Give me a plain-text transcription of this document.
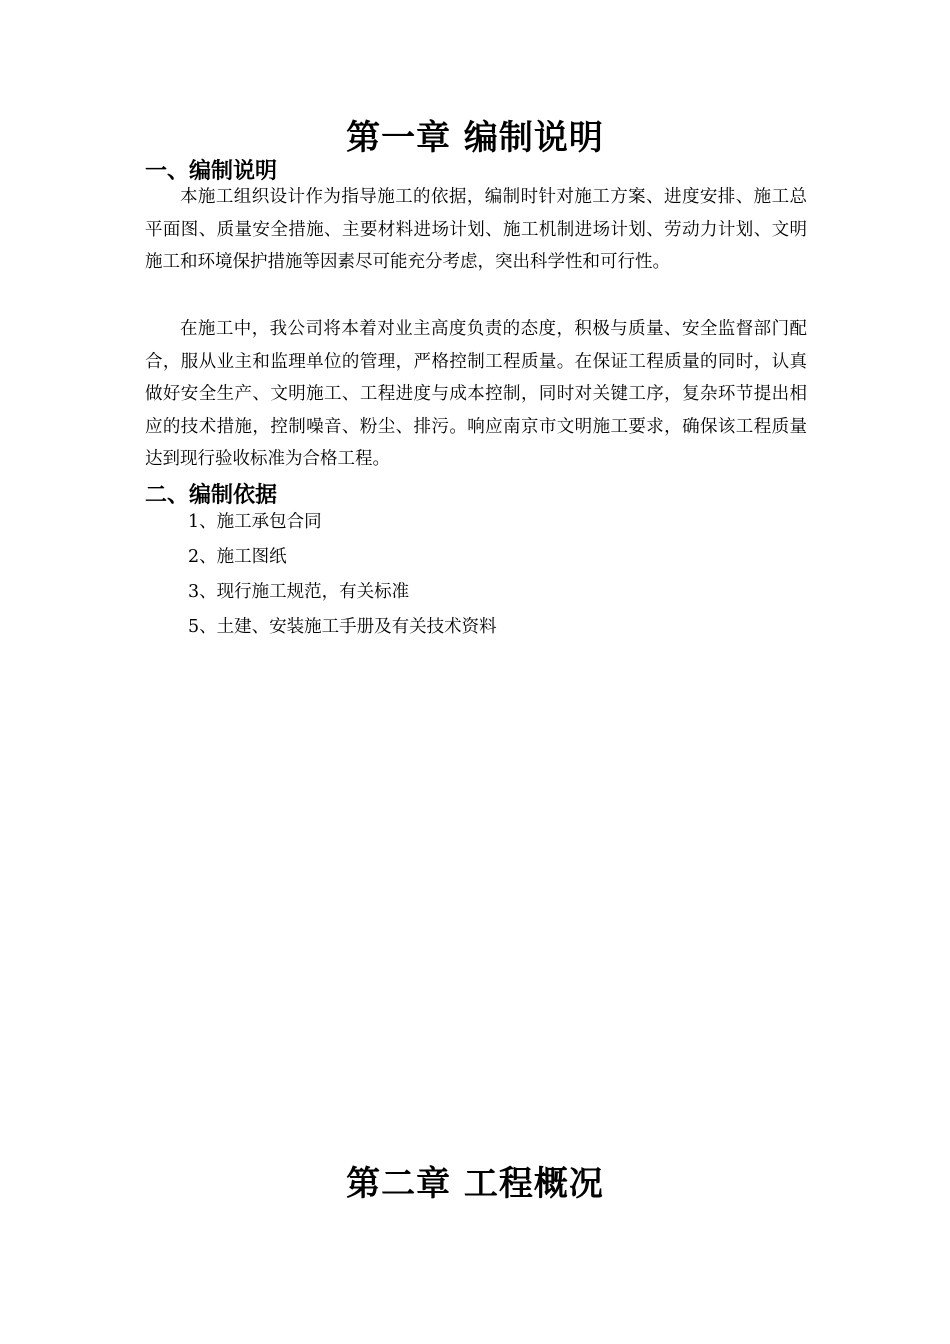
第一章 编制说明
一、编制说明

本施工组织设计作为指导施工的依据，编制时针对施工方案、进度安排、施工总平面图、质量安全措施、主要材料进场计划、施工机制进场计划、劳动力计划、文明施工和环境保护措施等因素尽可能充分考虑，突出科学性和可行性。

在施工中，我公司将本着对业主高度负责的态度，积极与质量、安全监督部门配合，服从业主和监理单位的管理，严格控制工程质量。在保证工程质量的同时，认真做好安全生产、文明施工、工程进度与成本控制，同时对关键工序，复杂环节提出相应的技术措施，控制噪音、粉尘、排污。响应南京市文明施工要求，确保该工程质量达到现行验收标准为合格工程。

二、编制依据
1、施工承包合同
2、施工图纸
3、现行施工规范，有关标准
5、土建、安装施工手册及有关技术资料
第二章 工程概况
